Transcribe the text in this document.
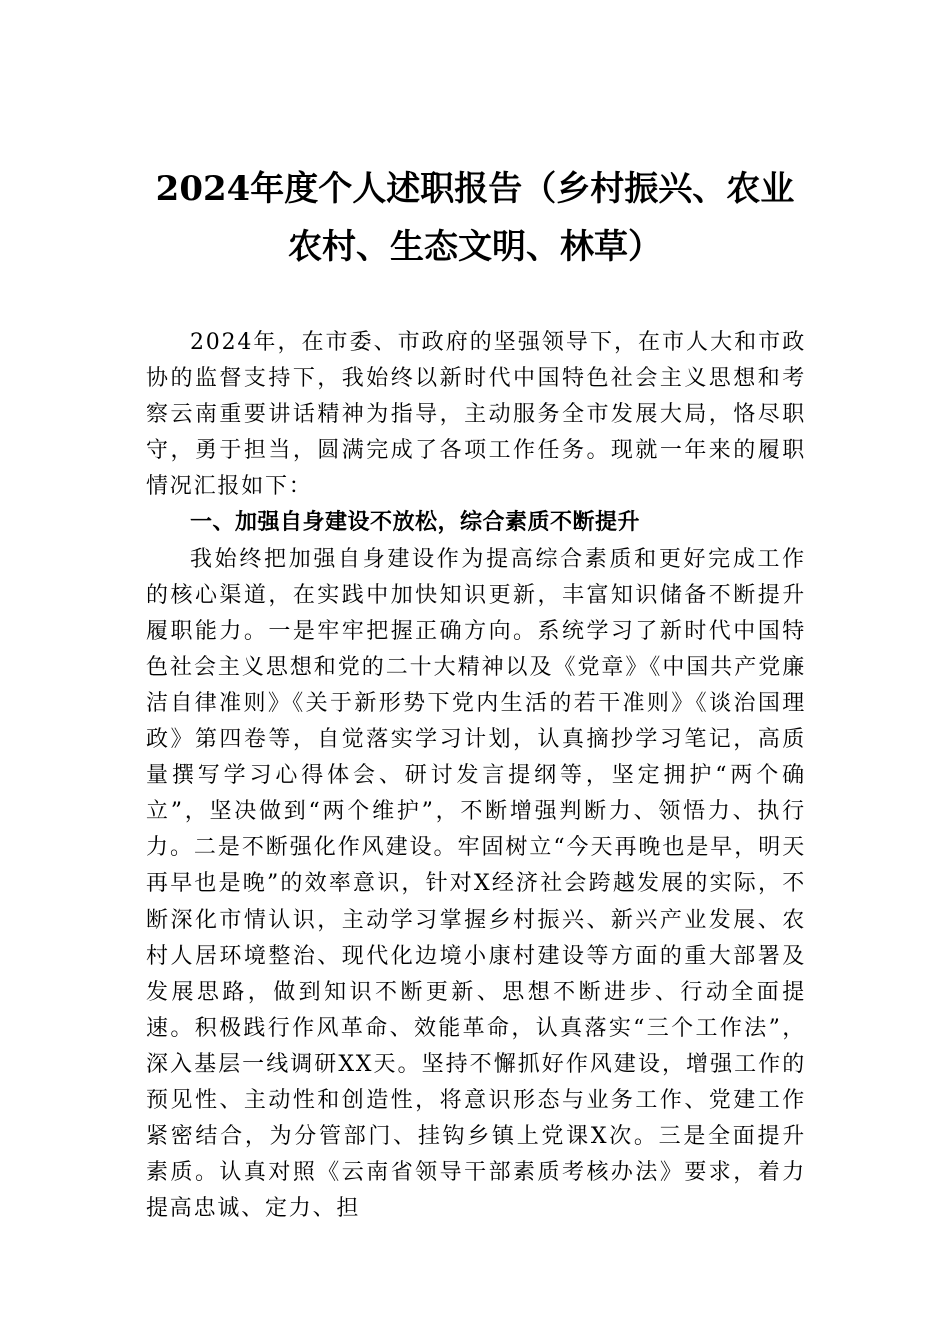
2024年度个人述职报告（乡村振兴、农业
农村、生态文明、林草）

2024年，在市委、市政府的坚强领导下，在市人大和市政协的监督支持下，我始终以新时代中国特色社会主义思想和考察云南重要讲话精神为指导，主动服务全市发展大局，恪尽职守，勇于担当，圆满完成了各项工作任务。现就一年来的履职情况汇报如下：

一、加强自身建设不放松，综合素质不断提升

我始终把加强自身建设作为提高综合素质和更好完成工作的核心渠道，在实践中加快知识更新，丰富知识储备不断提升履职能力。一是牢牢把握正确方向。系统学习了新时代中国特色社会主义思想和党的二十大精神以及《党章》《中国共产党廉洁自律准则》《关于新形势下党内生活的若干准则》《谈治国理政》第四卷等，自觉落实学习计划，认真摘抄学习笔记，高质量撰写学习心得体会、研讨发言提纲等，坚定拥护“两个确立”，坚决做到“两个维护”，不断增强判断力、领悟力、执行力。二是不断强化作风建设。牢固树立“今天再晚也是早，明天再早也是晚”的效率意识，针对X经济社会跨越发展的实际，不断深化市情认识，主动学习掌握乡村振兴、新兴产业发展、农村人居环境整治、现代化边境小康村建设等方面的重大部署及发展思路，做到知识不断更新、思想不断进步、行动全面提速。积极践行作风革命、效能革命，认真落实“三个工作法”，深入基层一线调研XX天。坚持不懈抓好作风建设，增强工作的预见性、主动性和创造性，将意识形态与业务工作、党建工作紧密结合，为分管部门、挂钩乡镇上党课X次。三是全面提升素质。认真对照《云南省领导干部素质考核办法》要求，着力提高忠诚、定力、担
